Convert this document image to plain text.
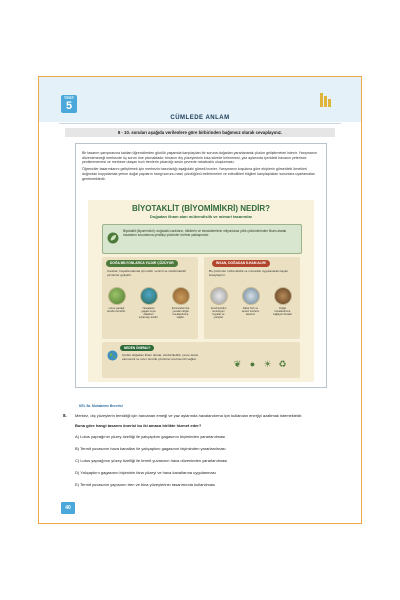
TEST
5
CÜMLEDE ANLAM
8 - 10. soruları aşağıda verilenlere göre birbirinden bağımsız olarak cevaplayınız.

Bir tasarım yarışmasına katılan öğrencilerden günlük yaşamda karşılaşılan bir soruna doğadan yararlanarak çözüm geliştirmeleri istenir. Yarışmanın düzenleneceği merkezde üç sorun öne çıkmaktadır: binanın dış yüzeylerinin kısa sürede kirlenmesi, yaz aylarında içerideki havanın yeterince yenilenmemesi ve merkeze ulaşan hızlı trenlerin çıkardığı sesin çevrede rahatsızlık oluşturması.

Öğrenciler tasarımlarını geliştirmek için merkezin hazırladığı aşağıdaki görseli inceler. Yarışmanın koşuluna göre ekiplerin görseldeki örnekleri doğrudan kopyalamak yerine doğal yapıların hangi sorunu nasıl çözdüğünü belirlemeleri ve edindikleri bilgileri karşılaştıkları sorunlara uyarlamaları gerekmektedir.

BİYOTAKLİT (BİYOMİMİKRİ) NEDİR?
Doğadan ilham alan mühendislik ve mimari tasarımlar
Biyotaklit (biyomimikri): doğadaki canlıların, bitkilerin ve ekosistemlerin milyonlarca yıllık çözümlerinden ilham alarak insanların sorunlarına yenilikçi çözümler üretme yaklaşımıdır.
DOĞA MİLYONLARCA YILDIR ÇÖZÜYOR
Canlılar; hayatta kalmak için etkili, verimli ve sürdürülebilir çözümler geliştirir.
Lotus yaprağı kendini temizler.
Yalıçapkını gagası suya dalarken sıçramayı azaltır.
Karınca/termite yuvaları doğal havalandırma sağlar.
İNSAN, DOĞADAN İLHAM ALIR!
Bu çözümler mühendislik ve mimaride uygulanarak hayatı kolaylaştırır.
Kendi kendini temizleyen boyalar ve yüzeyler
Daha hızlı ve sessiz trenlerin tasarımı
Doğal havalandırma sağlayan binalar
NEDEN ÖNEMLİ?
Çünkü doğadan ilham almak, sürdürülebilir, çevre dostu, ekonomik ve uzun ömürlü çözümler üretmemizi sağlar.	❦ ● ☀ ♻
KEL 5a. Muhakeme Becerisi
8. Merkez, dış yüzeylerin temizliği için harcanan emeği ve yaz aylarında havalandırma için kullanılan enerjiyi azaltmak istemektedir.
Buna göre hangi tasarım önerisi bu iki amaca birlikte hizmet eder?
A) Lotus yaprağının yüzey özelliği ile yalıçapkını gagasının biçiminden yararlanılması
B) Termit yuvasının hava kanalları ile yalıçapkını gagasının biçiminden yararlanılması
C) Lotus yaprağının yüzey özelliği ile termit yuvasının hava düzeninden yararlanılması
D) Yalıçapkını gagasının biçiminin bina yüzeyi ve hava kanallarına uygulanması
E) Termit yuvasının yapısının tren ve bina yüzeylerinin tasarımında kullanılması
40
